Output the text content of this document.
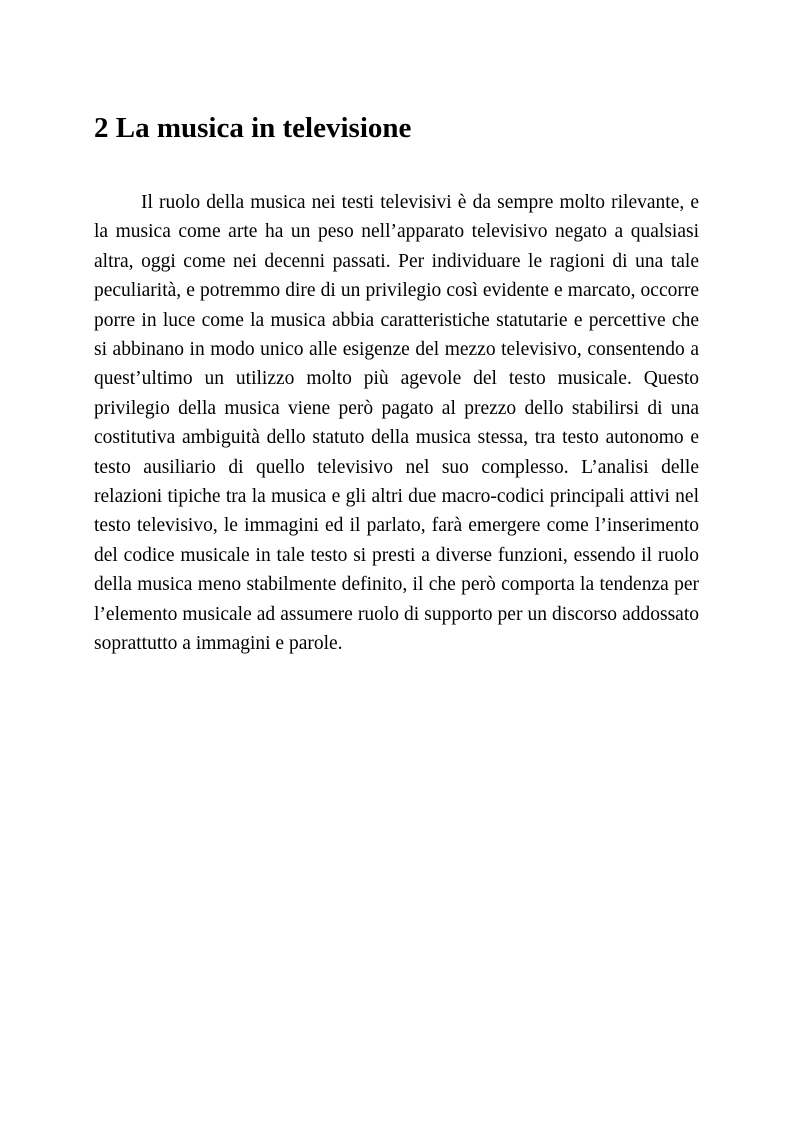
2 La musica in televisione

Il ruolo della musica nei testi televisivi è da sempre molto rilevante, e la musica come arte ha un peso nell’apparato televisivo negato a qualsiasi altra, oggi come nei decenni passati. Per individuare le ragioni di una tale peculiarità, e potremmo dire di un privilegio così evidente e marcato, occorre porre in luce come la musica abbia caratteristiche statutarie e percettive che si abbinano in modo unico alle esigenze del mezzo televisivo, consentendo a quest’ultimo un utilizzo molto più agevole del testo musicale. Questo privilegio della musica viene però pagato al prezzo dello stabilirsi di una costitutiva ambiguità dello statuto della musica stessa, tra testo autonomo e testo ausiliario di quello televisivo nel suo complesso. L’analisi delle relazioni tipiche tra la musica e gli altri due macro-codici principali attivi nel testo televisivo, le immagini ed il parlato, farà emergere come l’inserimento del codice musicale in tale testo si presti a diverse funzioni, essendo il ruolo della musica meno stabilmente definito, il che però comporta la tendenza per l’elemento musicale ad assumere ruolo di supporto per un discorso addossato soprattutto a immagini e parole.
